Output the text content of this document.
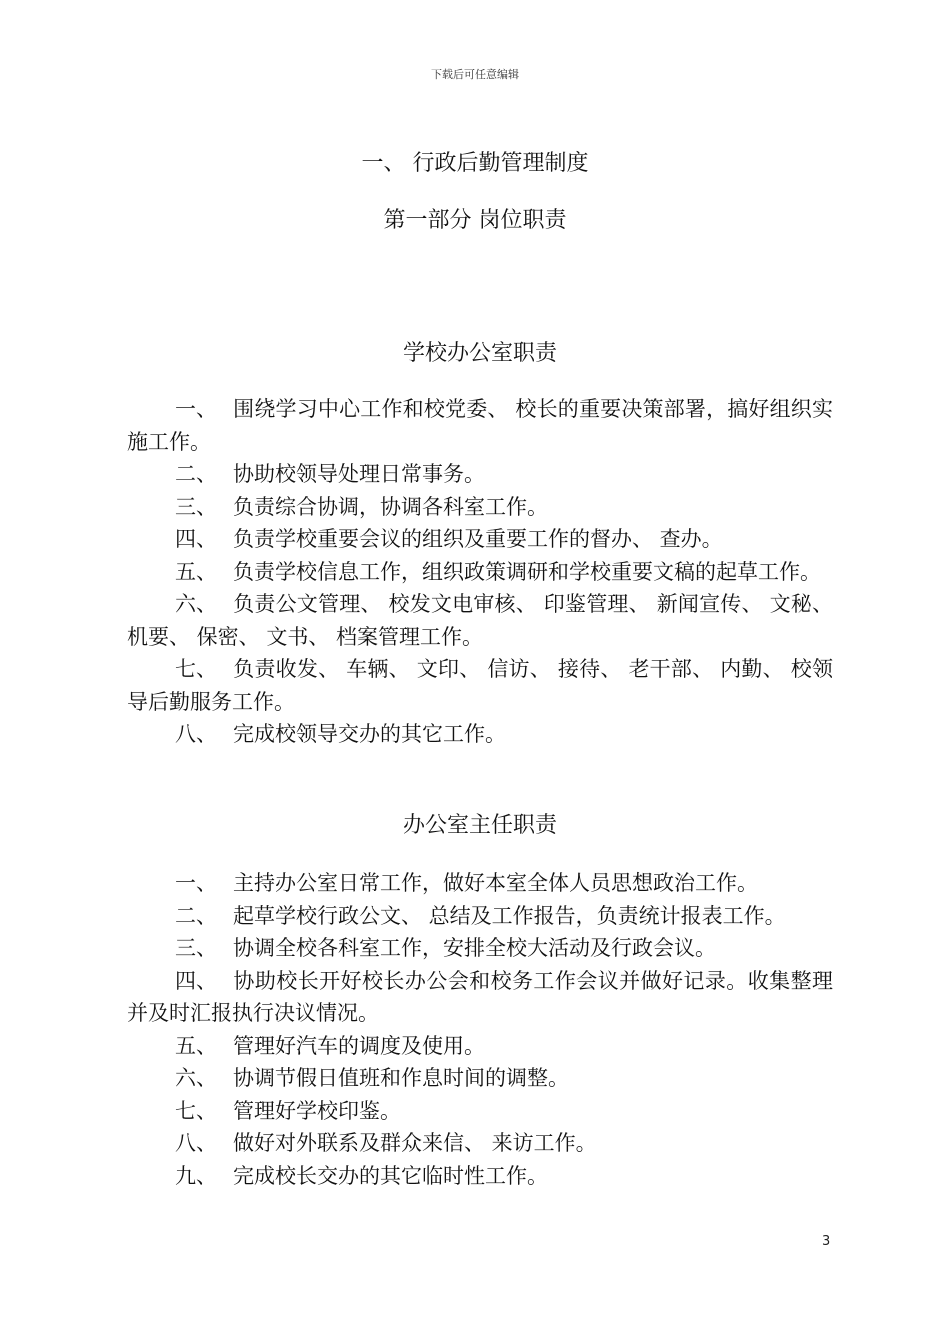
下载后可任意编辑
一、 行政后勤管理制度
第一部分 岗位职责
学校办公室职责

一、 围绕学习中心工作和校党委、 校长的重要决策部署，搞好组织实施工作。

二、 协助校领导处理日常事务。

三、 负责综合协调，协调各科室工作。

四、 负责学校重要会议的组织及重要工作的督办、 查办。

五、 负责学校信息工作，组织政策调研和学校重要文稿的起草工作。

六、 负责公文管理、 校发文电审核、 印鉴管理、 新闻宣传、 文秘、 机要、 保密、 文书、 档案管理工作。

七、 负责收发、 车辆、 文印、 信访、 接待、 老干部、 内勤、 校领导后勤服务工作。

八、 完成校领导交办的其它工作。

办公室主任职责

一、 主持办公室日常工作，做好本室全体人员思想政治工作。

二、 起草学校行政公文、 总结及工作报告，负责统计报表工作。

三、 协调全校各科室工作，安排全校大活动及行政会议。

四、 协助校长开好校长办公会和校务工作会议并做好记录。收集整理并及时汇报执行决议情况。

五、 管理好汽车的调度及使用。

六、 协调节假日值班和作息时间的调整。

七、 管理好学校印鉴。

八、 做好对外联系及群众来信、 来访工作。

九、 完成校长交办的其它临时性工作。

3
